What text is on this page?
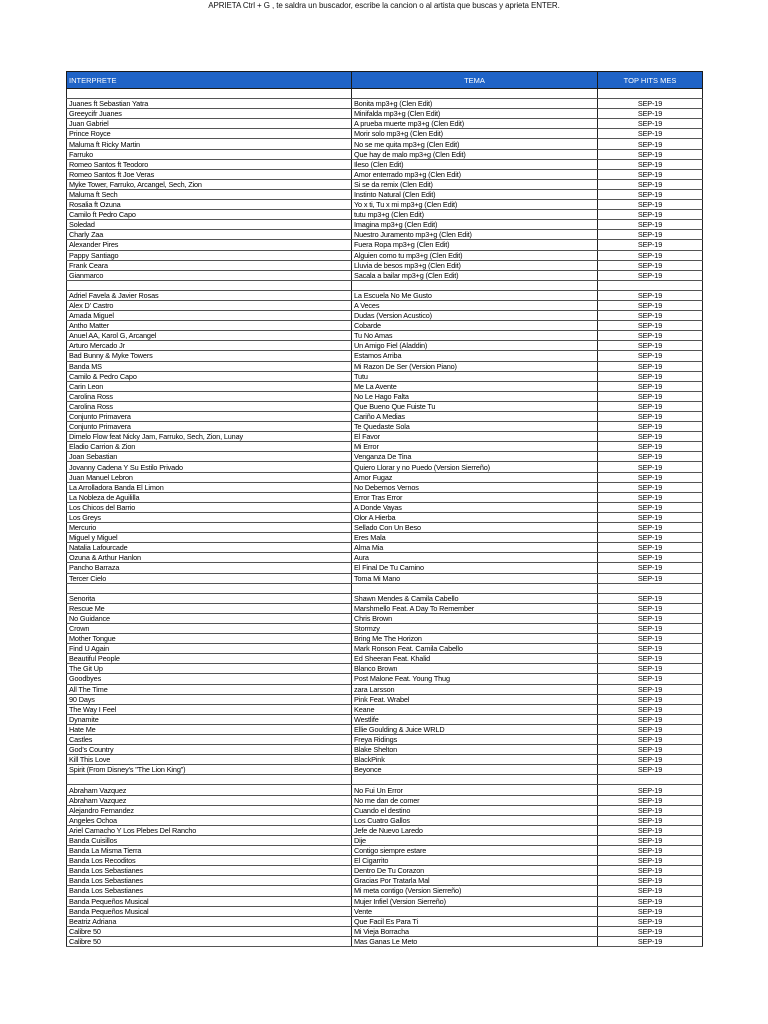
APRIETA Ctrl + G , te saldra un buscador, escribe la cancion o al artista que buscas y aprieta ENTER.
INTERPRETE	TEMA	TOP HITS MES

Juanes ft Sebastian Yatra	Bonita mp3+g (Clen Edit)	SEP-19
Greeycifr Juanes	Minifalda mp3+g (Clen Edit)	SEP-19
Juan Gabriel	A prueba muerte mp3+g (Clen Edit)	SEP-19
Prince Royce	Morir solo mp3+g (Clen Edit)	SEP-19
Maluma ft Ricky Martin	No se me quita mp3+g (Clen Edit)	SEP-19
Farruko	Que hay de malo mp3+g (Clen Edit)	SEP-19
Romeo Santos ft Teodoro	Ileso (Clen Edit)	SEP-19
Romeo Santos ft Joe Veras	Amor enterrado mp3+g (Clen Edit)	SEP-19
Myke Tower, Farruko, Arcangel, Sech, Zion	Si se da remix (Clen Edit)	SEP-19
Maluma ft Sech	Instinto Natural (Clen Edit)	SEP-19
Rosalia ft Ozuna	Yo x ti, Tu x mi mp3+g (Clen Edit)	SEP-19
Camilo ft Pedro Capo	tutu mp3+g (Clen Edit)	SEP-19
Soledad	Imagina mp3+g (Clen Edit)	SEP-19
Charly Zaa	Nuestro Juramento mp3+g (Clen Edit)	SEP-19
Alexander Pires	Fuera Ropa mp3+g (Clen Edit)	SEP-19
Pappy Santiago	Alguien como tu mp3+g (Clen Edit)	SEP-19
Frank Ceara	Lluvia de besos mp3+g (Clen Edit)	SEP-19
Gianmarco	Sacala a bailar mp3+g (Clen Edit)	SEP-19

Adriel Favela & Javier Rosas	La Escuela No Me Gusto	SEP-19
Alex D' Castro	A Veces	SEP-19
Amada Miguel	Dudas (Version Acustico)	SEP-19
Antho Matter	Cobarde	SEP-19
Anuel AA, Karol G, Arcangel	Tu No Amas	SEP-19
Arturo Mercado Jr	Un Amigo Fiel (Aladdin)	SEP-19
Bad Bunny & Myke Towers	Estamos Arriba	SEP-19
Banda MS	Mi Razon De Ser (Version Piano)	SEP-19
Camilo & Pedro Capo	Tutu	SEP-19
Carin Leon	Me La Avente	SEP-19
Carolina Ross	No Le Hago Falta	SEP-19
Carolina Ross	Que Bueno Que Fuiste Tu	SEP-19
Conjunto Primavera	Cariño A Medias	SEP-19
Conjunto Primavera	Te Quedaste Sola	SEP-19
Dimelo Flow feat Nicky Jam, Farruko, Sech, Zion, Lunay	El Favor	SEP-19
Eladio Carrion & Zion	Mi Error	SEP-19
Joan Sebastian	Venganza De Tina	SEP-19
Jovanny Cadena Y Su Estilo Privado	Quiero Llorar y no Puedo (Version Sierreño)	SEP-19
Juan Manuel Lebron	Amor Fugaz	SEP-19
La Arrolladora Banda El Limon	No Debemos Vernos	SEP-19
La Nobleza de Aguililla	Error Tras Error	SEP-19
Los Chicos del Barrio	A Donde Vayas	SEP-19
Los Greys	Olor A Hierba	SEP-19
Mercurio	Sellado Con Un Beso	SEP-19
Miguel y Miguel	Eres Mala	SEP-19
Natalia Lafourcade	Alma Mia	SEP-19
Ozuna & Arthur Hanlon	Aura	SEP-19
Pancho Barraza	El Final De Tu Camino	SEP-19
Tercer Cielo	Toma Mi Mano	SEP-19

Senorita	Shawn Mendes & Camila Cabello	SEP-19
Rescue Me	Marshmello Feat. A Day To Remember	SEP-19
No Guidance	Chris Brown	SEP-19
Crown	Stormzy	SEP-19
Mother Tongue	Bring Me The Horizon	SEP-19
Find U Again	Mark Ronson Feat. Camila Cabello	SEP-19
Beautiful People	Ed Sheeran Feat. Khalid	SEP-19
The Git Up	Blanco Brown	SEP-19
Goodbyes	Post Malone Feat. Young Thug	SEP-19
All The Time	zara Larsson	SEP-19
90 Days	Pink Feat. Wrabel	SEP-19
The Way I Feel	Keane	SEP-19
Dynamite	Westlife	SEP-19
Hate Me	Ellie Goulding & Juice WRLD	SEP-19
Castles	Freya Ridings	SEP-19
God's Country	Blake Shelton	SEP-19
Kill This Love	BlackPink	SEP-19
Spirit (From Disney's "The Lion King")	Beyonce	SEP-19

Abraham Vazquez	No Fui Un Error	SEP-19
Abraham Vazquez	No me dan de comer	SEP-19
Alejandro Fernandez	Cuando el destino	SEP-19
Angeles Ochoa	Los Cuatro Gallos	SEP-19
Ariel Camacho Y Los Plebes Del Rancho	Jefe de Nuevo Laredo	SEP-19
Banda Cuisillos	Dije	SEP-19
Banda La Misma Tierra	Contigo siempre estare	SEP-19
Banda Los Recoditos	El Cigarrito	SEP-19
Banda Los Sebastianes	Dentro De Tu Corazon	SEP-19
Banda Los Sebastianes	Gracias Por Tratarla Mal	SEP-19
Banda Los Sebastianes	Mi meta contigo (Version Sierreño)	SEP-19
Banda Pequeños Musical	Mujer Infiel (Version Sierreño)	SEP-19
Banda Pequeños Musical	Vente	SEP-19
Beatriz Adriana	Que Facil Es Para Ti	SEP-19
Calibre 50	Mi Vieja Borracha	SEP-19
Calibre 50	Mas Ganas Le Meto	SEP-19
